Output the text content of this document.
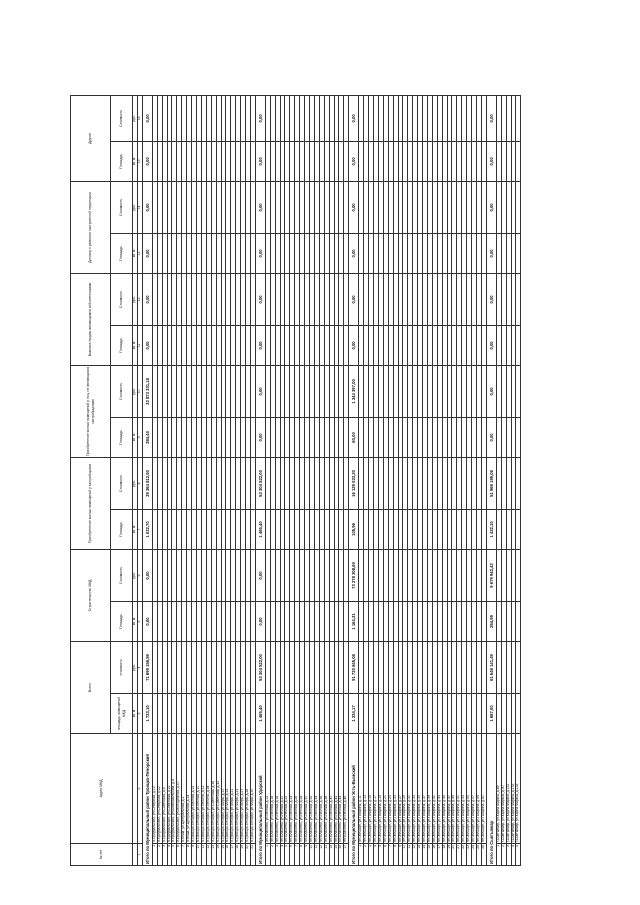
№ п/п	Адрес МКД	Всего		Строительство МКД		Приобретение жилых помещений у застройщиков		Приобретение жилых помещений у лиц, не являющихся застройщиками		Выплата лицам, являющимся собственниками		Договор о развитии застроенной территории		Другое	
		площадь помещений МКД	стоимость	Площадь	Стоимость	Площадь	Стоимость	Площадь	Стоимость	Площадь	Стоимость	Площадь	Стоимость	Площадь	Стоимость
		кв. м	руб.	кв. м	руб.	кв. м	руб.	кв. м	руб.	кв. м	руб.	кв. м	руб.	кв. м	руб.
1	2	3	4	5	6	7	8	9	10	11	12	13	14	15	16
Итого по Муниципальный район Троицко-Печорский		1 723,10	71 695 156,59	0,00	0,00	1 032,70	39 364 812,50	384,40	33 873 331,18	0,00	0,00	0,00	0,00	0,00	0,00
1	п.Приуральский, ул.Северная, д.13														
2	п.Приуральский, ул.Северная, д.22														
3	п.Приуральский, ул.Советская, д.4														
4	п.Приуральский, ул.Советская, д.22														
5	п.Приуральский, ул.Комсомольская, д.8														
6	п.Приуральский, ул.Молодёжная, д.10														
7	п.Якша, ул.Центральная, д.2														
8	п.Якша, ул.Центральная, д.14														
9	п.Троицко-Печорск, ул.Лесная, д.15														
10	п.Троицко-Печорск, ул.Лесная, д.11														
11	п.Троицко-Печорск, ул.Ленина, д.12														
12	п.Троицко-Печорск, ул.Ленина, д.34														
13	п.Троицко-Печорск, ул.Советская, д.38														
14	п.Троицко-Печорск, ул.Советская, д.42														
15	п.Троицко-Печорск, ул.Мира, д.10														
16	п.Троицко-Печорск, ул.Мира, д.19														
17	п.Троицко-Печорск, ул.Мира, д.21														
18	п.Троицко-Печорск, ул.Мира, д.23														
19	п.Троицко-Печорск, ул.Мира, д.27														
20	п.Троицко-Печорск, ул.Мира, д.28														
21	п.Троицко-Печорск, ул.Мира, д.30														
Итого по Муниципальный район Удорский		1 465,40	53 304 522,00	0,00	0,00	1 465,40	53 304 522,00	0,00	0,00	0,00	0,00	0,00	0,00	0,00	0,00
1	пгт.Благоево, ул.Лесная, д.13														
2	пгт.Благоево, ул.Лесная, д.16														
3	пгт.Благоево, ул.Лесная, д.18														
4	пгт.Благоево, ул.Лесная, д.20														
5	пгт.Благоево, ул.Лесная, д.22														
6	пгт.Благоево, ул.Лесная, д.24														
7	пгт.Благоево, ул.Лесная, д.26														
8	пгт.Благоево, ул.Лесная, д.28														
9	пгт.Благоево, ул.Лесная, д.30														
10	пгт.Благоево, ул.Лесная, д.32														
11	пгт.Благоево, ул.Лесная, д.34														
12	пгт.Благоево, ул.Лесная, д.36														
13	пгт.Благоево, ул.Лесная, д.38														
14	пгт.Благоево, ул.Лесная, д.40														
15	пгт.Благоево, ул.Лесная, д.42														
16	пгт.Благоево, ул.Лесная, д.44														
17	пгт.Благоево, ул.Лесная, д.46														
Итого по Муниципальный район Усть-Вымский		1 334,17	91 720 845,08	1 164,31	73 278 308,60	105,96	16 139 033,30	60,00	1 344 397,00	0,00	0,00	0,00	0,00	0,00	0,00
1	пгт.Жешарт, ул.Гагарина, д.11														
2	пгт.Жешарт, ул.Гагарина, д.13														
3	пгт.Жешарт, ул.Гагарина, д.15														
4	пгт.Жешарт, ул.Гагарина, д.17														
5	пгт.Жешарт, ул.Гагарина, д.19														
6	пгт.Жешарт, ул.Гагарина, д.21														
7	пгт.Жешарт, ул.Гагарина, д.23														
8	пгт.Жешарт, ул.Гагарина, д.25														
9	пгт.Жешарт, ул.Гагарина, д.27														
10	пгт.Жешарт, ул.Гагарина, д.29														
11	пгт.Жешарт, ул.Гагарина, д.31														
12	пгт.Жешарт, ул.Гагарина, д.33														
13	пгт.Жешарт, ул.Гагарина, д.35														
14	пгт.Жешарт, ул.Гагарина, д.37														
15	пгт.Жешарт, ул.Гагарина, д.39														
16	пгт.Жешарт, ул.Гагарина, д.41														
17	пгт.Жешарт, ул.Гагарина, д.43														
18	пгт.Жешарт, ул.Гагарина, д.45														
19	пгт.Жешарт, ул.Гагарина, д.47														
20	пгт.Жешарт, ул.Гагарина, д.49														
21	пгт.Жешарт, ул.Гагарина, д.51														
22	пгт.Жешарт, ул.Гагарина, д.53														
23	пгт.Жешарт, ул.Гагарина, д.55														
24	пгт.Жешарт, ул.Гагарина, д.57														
25	пгт.Жешарт, ул.Гагарина, д.59														
26	пгт.Жешарт, ул.Гагарина, д.61														
Итого по Сыктывкар		1 687,00	61 646 141,49	264,59	9 679 942,43	1 422,10	51 966 199,06	0,00	0,00	0,00	0,00	0,00	0,00	0,00	0,00
1	г.Сыктывкар, ул.Карла Маркса, д.89														
2	г.Сыктывкар, ул.Карла Маркса, д.90														
3	г.Сыктывкар, ул.Карла Маркса, д.131														
4	г.Сыктывкар, ул.Карла Маркса, д.133														
5	г.Сыктывкар, ул.Карла Маркса, д.135														
